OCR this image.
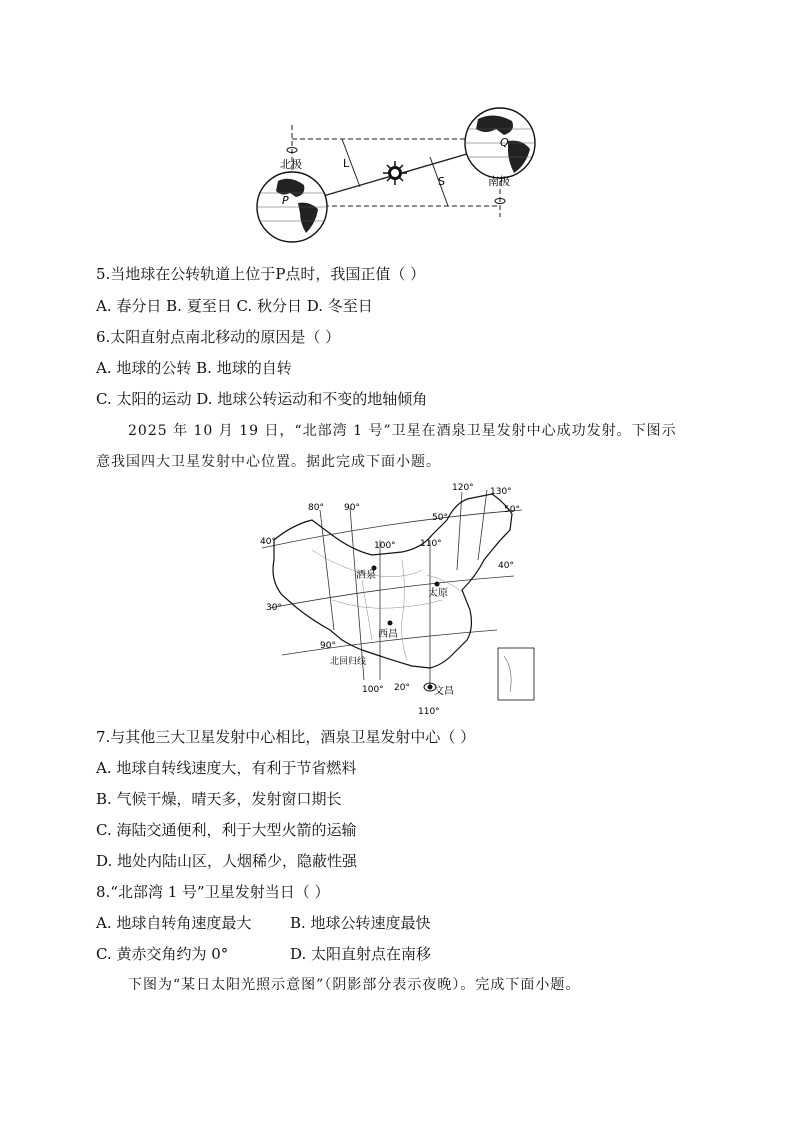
北极
南极
P
Q
L
S
5.当地球在公转轨道上位于P点时，我国正值（ ）
A. 春分日 B. 夏至日 C. 秋分日 D. 冬至日
6.太阳直射点南北移动的原因是（ ）
A. 地球的公转 B. 地球的自转
C. 太阳的运动 D. 地球公转运动和不变的地轴倾角
2025 年 10 月 19 日，“北部湾 1 号”卫星在酒泉卫星发射中心成功发射。下图示
意我国四大卫星发射中心位置。据此完成下面小题。
120° 130°
80° 90°
50°
50°
40°	100°	110°
40°
30°
90°
北回归线
100° 20°
110°
酒泉
太原
西昌
文昌
7.与其他三大卫星发射中心相比，酒泉卫星发射中心（ ）
A. 地球自转线速度大，有利于节省燃料
B. 气候干燥，晴天多，发射窗口期长
C. 海陆交通便利，利于大型火箭的运输
D. 地处内陆山区，人烟稀少，隐蔽性强
8.“北部湾 1 号”卫星发射当日（ ）
A. 地球自转角速度最大	B. 地球公转速度最快
C. 黄赤交角约为 0°	D. 太阳直射点在南移
下图为“某日太阳光照示意图”（阴影部分表示夜晚）。完成下面小题。
